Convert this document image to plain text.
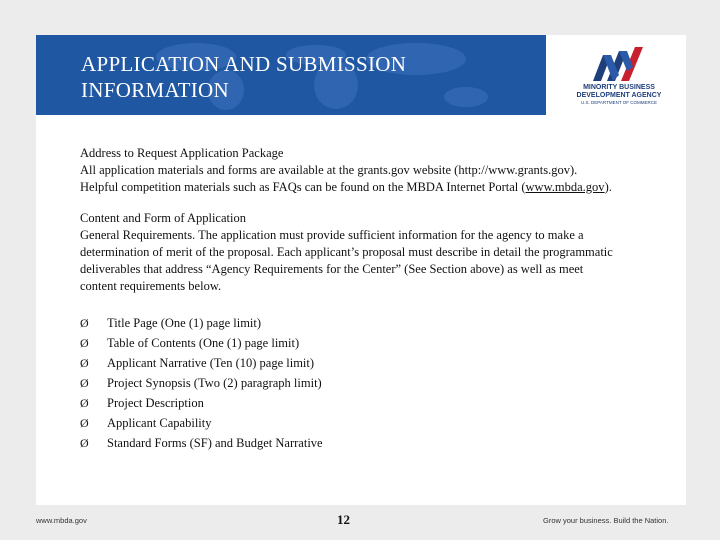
APPLICATION AND SUBMISSION
INFORMATION	MINORITY BUSINESS
DEVELOPMENT AGENCY
U.S. DEPARTMENT OF COMMERCE
Address to Request Application Package
All application materials and forms are available at the grants.gov website (http://www.grants.gov).
Helpful competition materials such as FAQs can be found on the MBDA Internet Portal (www.mbda.gov).
Content and Form of Application
General Requirements. The application must provide sufficient information for the agency to make a
determination of merit of the proposal. Each applicant’s proposal must describe in detail the programmatic
deliverables that address “Agency Requirements for the Center” (See Section above) as well as meet
content requirements below.
Ø Title Page (One (1) page limit)
Ø Table of Contents (One (1) page limit)
Ø Applicant Narrative (Ten (10) page limit)
Ø Project Synopsis (Two (2) paragraph limit)
Ø Project Description
Ø Applicant Capability
Ø Standard Forms (SF) and Budget Narrative
www.mbda.gov	12	Grow your business. Build the Nation.
